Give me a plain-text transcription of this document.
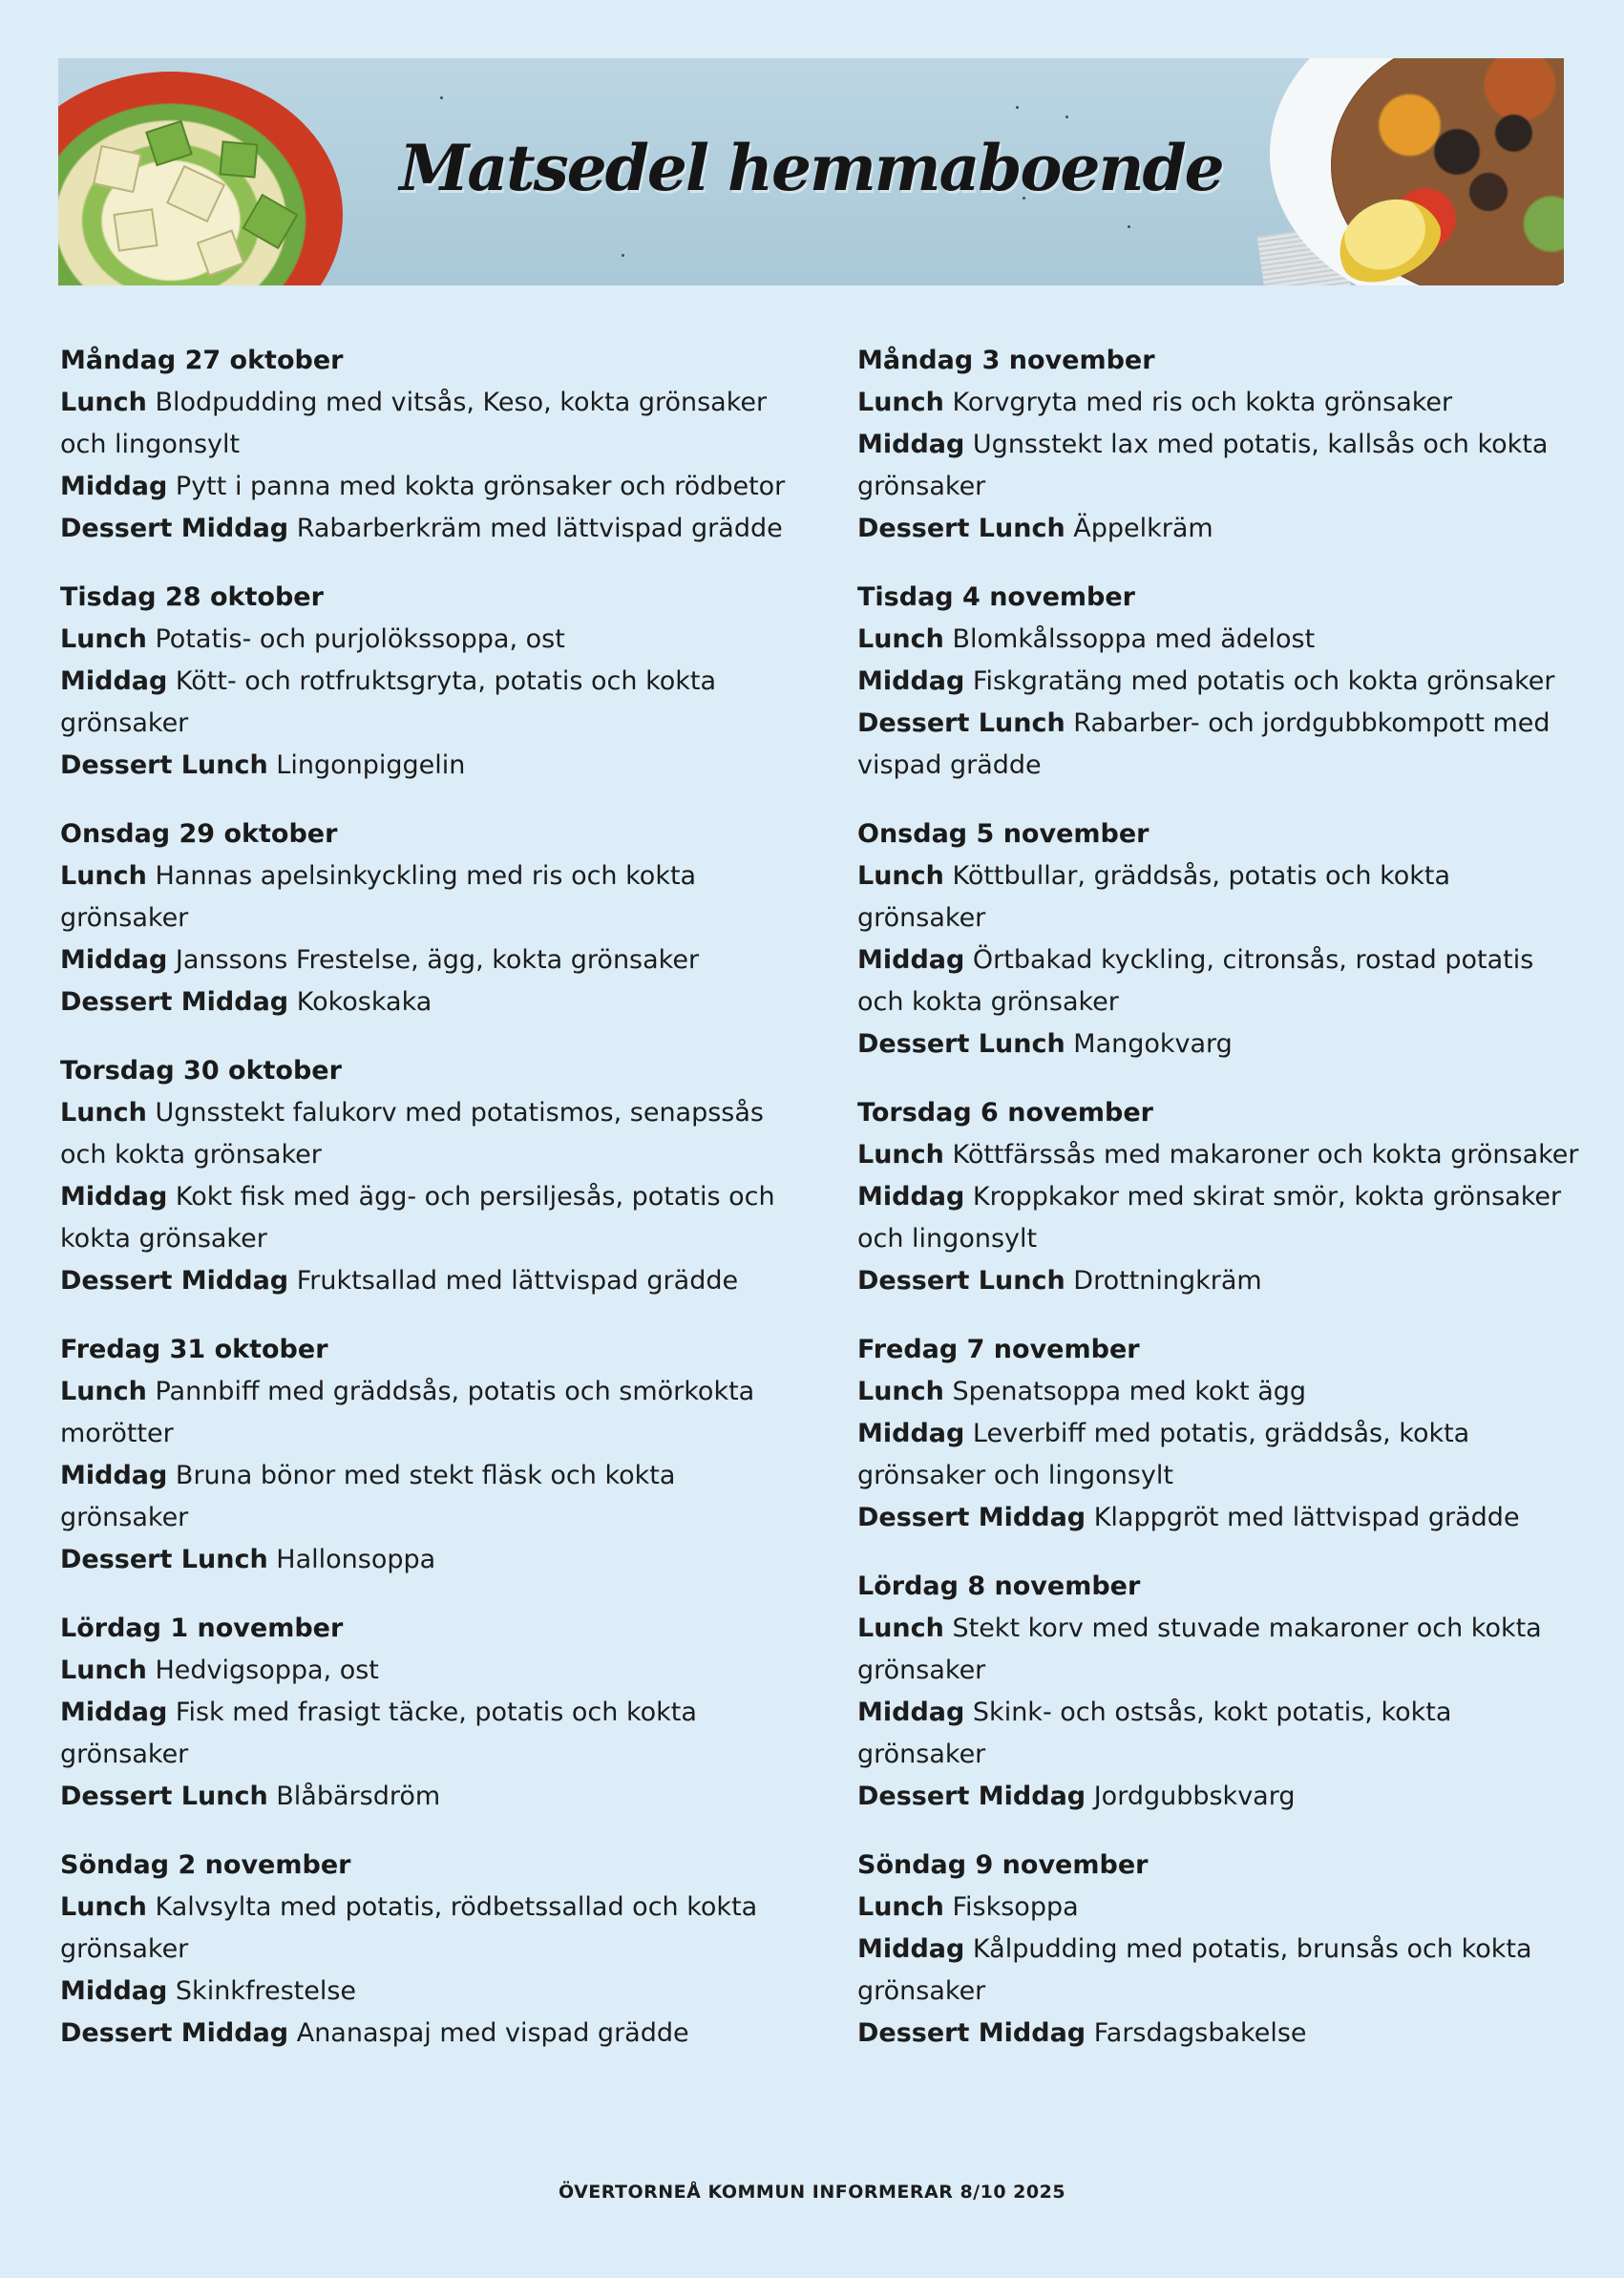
Matsedel hemmaboende
Måndag 27 oktober
Lunch Blodpudding med vitsås, Keso, kokta grönsaker och lingonsylt
Middag Pytt i panna med kokta grönsaker och rödbetor
Dessert Middag Rabarberkräm med lättvispad grädde
Tisdag 28 oktober
Lunch Potatis- och purjolökssoppa, ost
Middag Kött- och rotfruktsgryta, potatis och kokta grönsaker
Dessert Lunch Lingonpiggelin
Onsdag 29 oktober
Lunch Hannas apelsinkyckling med ris och kokta grönsaker
Middag Janssons Frestelse, ägg, kokta grönsaker
Dessert Middag Kokoskaka
Torsdag 30 oktober
Lunch Ugnsstekt falukorv med potatismos, senapssås och kokta grönsaker
Middag Kokt fisk med ägg- och persiljesås, potatis och kokta grönsaker
Dessert Middag Fruktsallad med lättvispad grädde
Fredag 31 oktober
Lunch Pannbiff med gräddsås, potatis och smörkokta morötter
Middag Bruna bönor med stekt fläsk och kokta grönsaker
Dessert Lunch Hallonsoppa
Lördag 1 november
Lunch Hedvigsoppa, ost
Middag Fisk med frasigt täcke, potatis och kokta grönsaker
Dessert Lunch Blåbärsdröm
Söndag 2 november
Lunch Kalvsylta med potatis, rödbetssallad och kokta grönsaker
Middag Skinkfrestelse
Dessert Middag Ananaspaj med vispad grädde
Måndag 3 november
Lunch Korvgryta med ris och kokta grönsaker
Middag Ugnsstekt lax med potatis, kallsås och kokta grönsaker
Dessert Lunch Äppelkräm
Tisdag 4 november
Lunch Blomkålssoppa med ädelost
Middag Fiskgratäng med potatis och kokta grönsaker
Dessert Lunch Rabarber- och jordgubbkompott med vispad grädde
Onsdag 5 november
Lunch Köttbullar, gräddsås, potatis och kokta grönsaker
Middag Örtbakad kyckling, citronsås, rostad potatis och kokta grönsaker
Dessert Lunch Mangokvarg
Torsdag 6 november
Lunch Köttfärssås med makaroner och kokta grönsaker
Middag Kroppkakor med skirat smör, kokta grönsaker och lingonsylt
Dessert Lunch Drottningkräm
Fredag 7 november
Lunch Spenatsoppa med kokt ägg
Middag Leverbiff med potatis, gräddsås, kokta grönsaker och lingonsylt
Dessert Middag Klappgröt med lättvispad grädde
Lördag 8 november
Lunch Stekt korv med stuvade makaroner och kokta grönsaker
Middag Skink- och ostsås, kokt potatis, kokta grönsaker
Dessert Middag Jordgubbskvarg
Söndag 9 november
Lunch Fisksoppa
Middag Kålpudding med potatis, brunsås och kokta grönsaker
Dessert Middag Farsdagsbakelse
ÖVERTORNEÅ KOMMUN INFORMERAR 8/10 2025
